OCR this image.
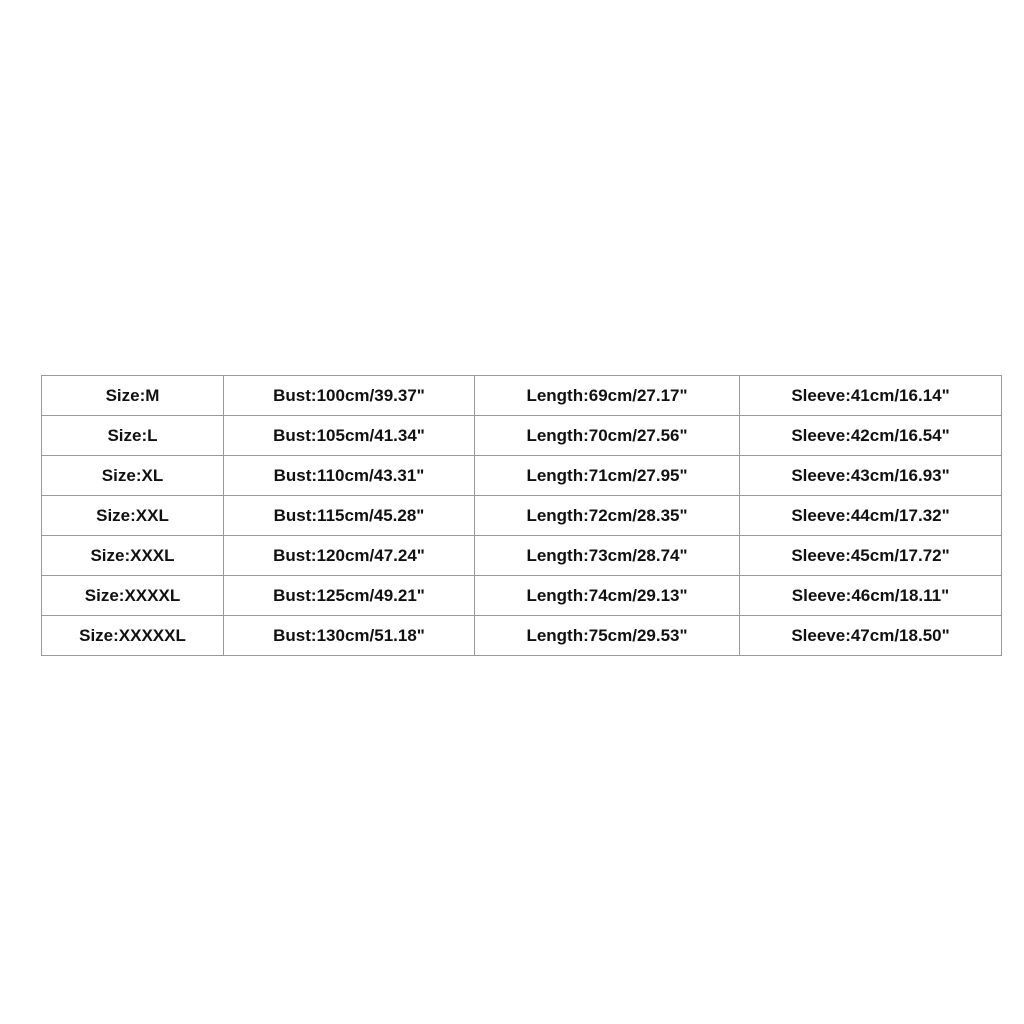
Size:M	Bust:100cm/39.37"	Length:69cm/27.17"	Sleeve:41cm/16.14"
Size:L	Bust:105cm/41.34"	Length:70cm/27.56"	Sleeve:42cm/16.54"
Size:XL	Bust:110cm/43.31"	Length:71cm/27.95"	Sleeve:43cm/16.93"
Size:XXL	Bust:115cm/45.28"	Length:72cm/28.35"	Sleeve:44cm/17.32"
Size:XXXL	Bust:120cm/47.24"	Length:73cm/28.74"	Sleeve:45cm/17.72"
Size:XXXXL	Bust:125cm/49.21"	Length:74cm/29.13"	Sleeve:46cm/18.11"
Size:XXXXXL	Bust:130cm/51.18"	Length:75cm/29.53"	Sleeve:47cm/18.50"
